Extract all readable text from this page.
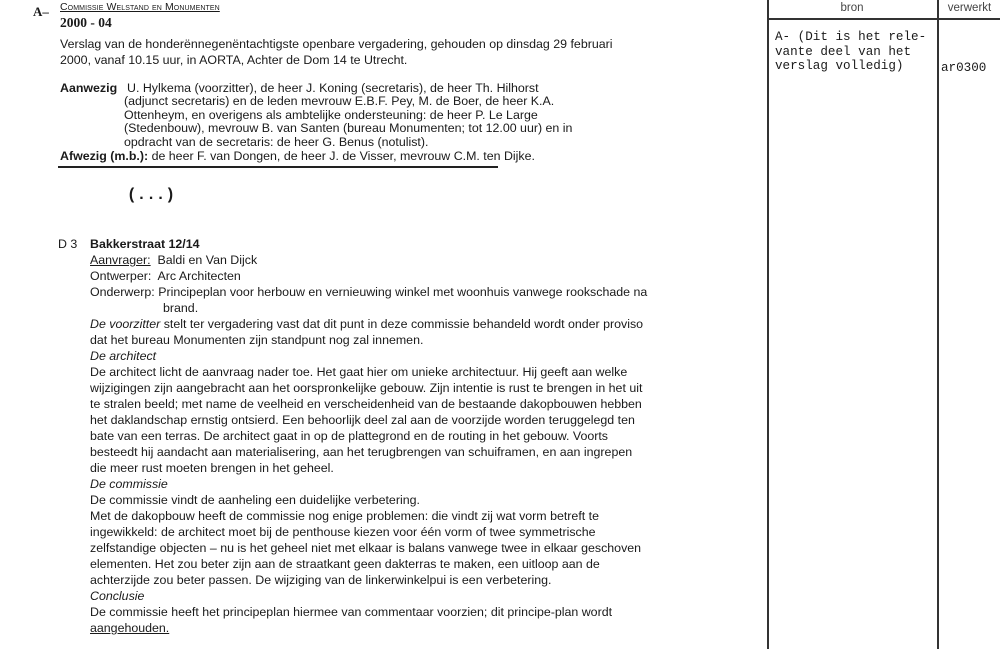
bron	verwerkt
A- (Dit is het rele-
vante deel van het
verslag volledig)	ar0300
A– Commissie Welstand en Monumenten
2000 - 04
Verslag van de honderënnegenëntachtigste openbare vergadering, gehouden op dinsdag 29 februari
2000, vanaf 10.15 uur, in AORTA, Achter de Dom 14 te Utrecht.
Aanwezig U. Hylkema (voorzitter), de heer J. Koning (secretaris), de heer Th. Hilhorst
(adjunct secretaris) en de leden mevrouw E.B.F. Pey, M. de Boer, de heer K.A.
Ottenheym, en overigens als ambtelijke ondersteuning: de heer P. Le Large
(Stedenbouw), mevrouw B. van Santen (bureau Monumenten; tot 12.00 uur) en in
opdracht van de secretaris: de heer G. Benus (notulist).
Afwezig (m.b.): de heer F. van Dongen, de heer J. de Visser, mevrouw C.M. ten Dijke.
(...)
D 3 Bakkerstraat 12/14
Aanvrager: Baldi en Van Dijck
Ontwerper: Arc Architecten
Onderwerp: Principeplan voor herbouw en vernieuwing winkel met woonhuis vanwege rookschade na
brand.
De voorzitter stelt ter vergadering vast dat dit punt in deze commissie behandeld wordt onder proviso
dat het bureau Monumenten zijn standpunt nog zal innemen.
De architect
De architect licht de aanvraag nader toe. Het gaat hier om unieke architectuur. Hij geeft aan welke
wijzigingen zijn aangebracht aan het oorspronkelijke gebouw. Zijn intentie is rust te brengen in het uit
te stralen beeld; met name de veelheid en verscheidenheid van de bestaande dakopbouwen hebben
het daklandschap ernstig ontsierd. Een behoorlijk deel zal aan de voorzijde worden teruggelegd ten
bate van een terras. De architect gaat in op de plattegrond en de routing in het gebouw. Voorts
besteedt hij aandacht aan materialisering, aan het terugbrengen van schuiframen, en aan ingrepen
die meer rust moeten brengen in het geheel.
De commissie
De commissie vindt de aanheling een duidelijke verbetering.
Met de dakopbouw heeft de commissie nog enige problemen: die vindt zij wat vorm betreft te
ingewikkeld: de architect moet bij de penthouse kiezen voor één vorm of twee symmetrische
zelfstandige objecten – nu is het geheel niet met elkaar is balans vanwege twee in elkaar geschoven
elementen. Het zou beter zijn aan de straatkant geen dakterras te maken, een uitloop aan de
achterzijde zou beter passen. De wijziging van de linkerwinkelpui is een verbetering.
Conclusie
De commissie heeft het principeplan hiermee van commentaar voorzien; dit principe-plan wordt
aangehouden.
